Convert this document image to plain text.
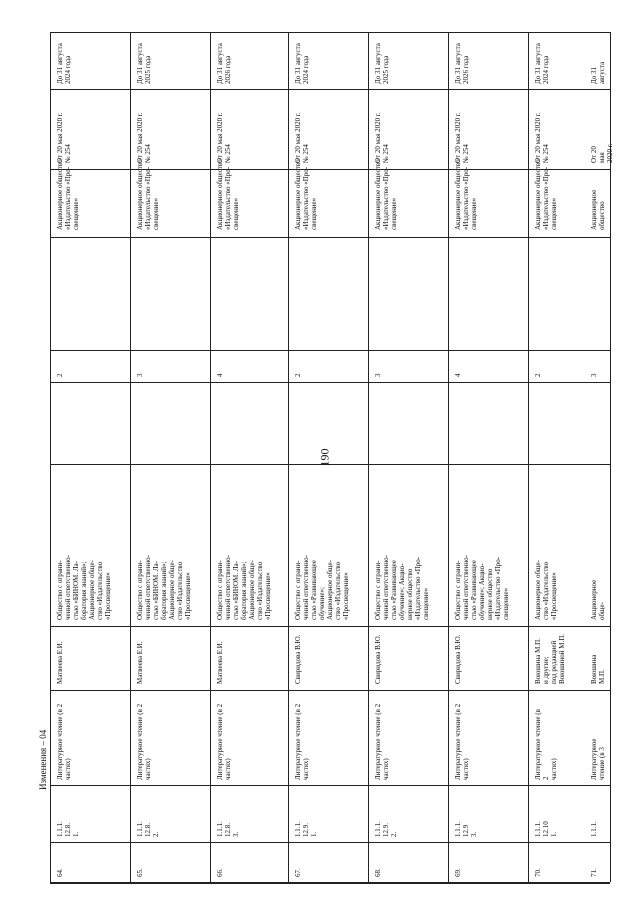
190
Изменения – 04
До 31 августа
2024 года
От 20 мая 2020 г.
№ 254
Акционерное общество
«Издательство «Про-
свещение»
2
Общество с ограни-
ченной ответственно-
стью «БИНОМ. Ла-
боратория знаний»;
Акционерное обще-
ство «Издательство
«Просвещение»
Матвеева Е.И.
Литературное чтение (в 2
частях)
1.1.1.
12.8.
1.
64.
До 31 августа
2025 года
От 20 мая 2020 г.
№ 254
Акционерное общество
«Издательство «Про-
свещение»
3
Общество с ограни-
ченной ответственно-
стью «БИНОМ. Ла-
боратория знаний»;
Акционерное обще-
ство «Издательство
«Просвещение»
Матвеева Е.И.
Литературное чтение (в 2
частях)
1.1.1.
12.8.
2.
65.
До 31 августа
2026 года
От 20 мая 2020 г.
№ 254
Акционерное общество
«Издательство «Про-
свещение»
4
Общество с ограни-
ченной ответственно-
стью «БИНОМ. Ла-
боратория знаний»;
Акционерное обще-
ство «Издательство
«Просвещение»
Матвеева Е.И.
Литературное чтение (в 2
частях)
1.1.1.
12.8.
3.
66.
До 31 августа
2024 года
От 20 мая 2020 г.
№ 254
Акционерное общество
«Издательство «Про-
свещение»
2
Общество с ограни-
ченной ответственно-
стью «Развивающее
обучение»;
Акционерное обще-
ство «Издательство
«Просвещение»
Свиридова В.Ю.
Литературное чтение (в 2
частях)
1.1.1.
12.9.
1.
67.
До 31 августа
2025 года
От 20 мая 2020 г.
№ 254
Акционерное общество
«Издательство «Про-
свещение»
3
Общество с ограни-
ченной ответственно-
стью «Развивающее
обучение»; Акцио-
нерное общество
«Издательство «Про-
свещение»
Свиридова В.Ю.
Литературное чтение (в 2
частях)
1.1.1.
12.9.
2.
68.
До 31 августа
2026 года
От 20 мая 2020 г.
№ 254
Акционерное общество
«Издательство «Про-
свещение»
4
Общество с ограни-
ченной ответственно-
стью «Развивающее
обучение»; Акцио-
нерное общество
«Издательство «Про-
свещение»
Свиридова В.Ю.
Литературное чтение (в 2
частях)
1.1.1.
12.9
3.
69.
До 31 августа
2024 года
От 20 мая 2020 г.
№ 254
Акционерное общество
«Издательство «Про-
свещение»
2
Акционерное обще-
ство «Издательство
«Просвещение»
Воюшина М.П.
и другие;
под редакцией
Воюшиной М.П.
Литературное чтение (в 2
частях)
1.1.1.
12.10
1.
70.
До 31 августа
От 20 мая 2020 г.
Акционерное общество
3
Акционерное обще-
Воюшина М.П.
Литературное чтение (в 3
1.1.1.
71.
